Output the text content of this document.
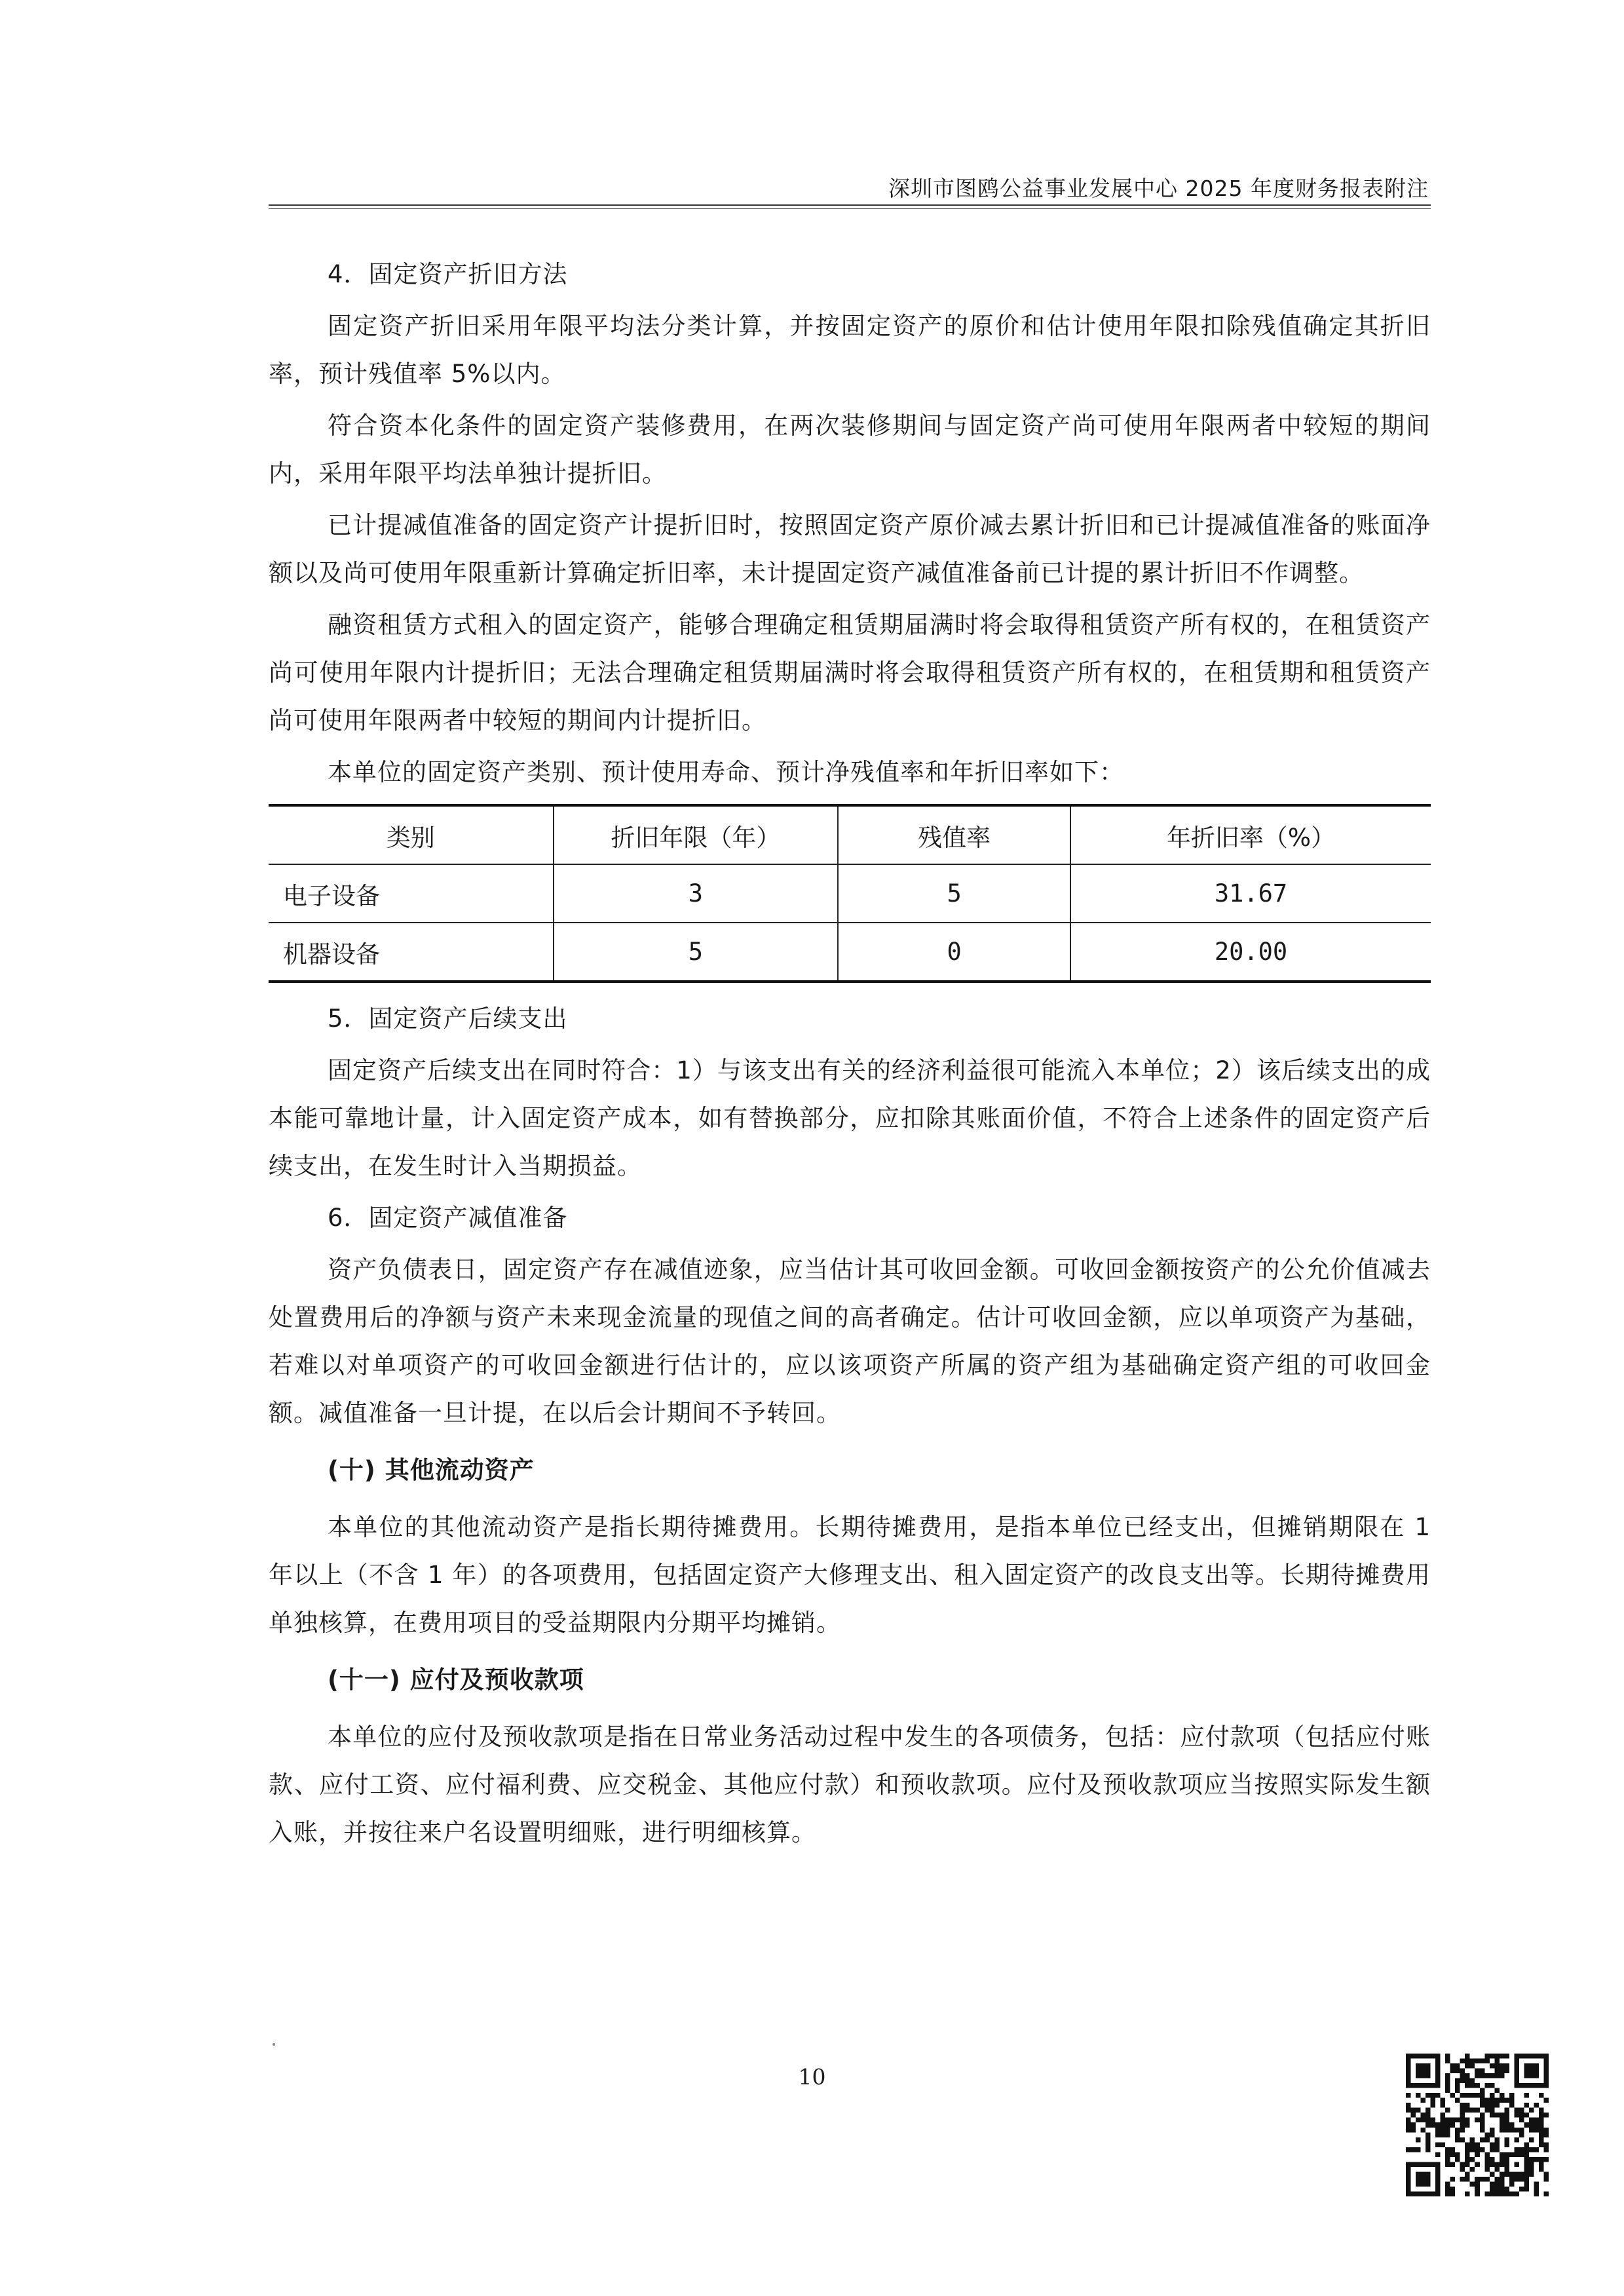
深圳市图鸥公益事业发展中心 2025 年度财务报表附注
4．固定资产折旧方法

固定资产折旧采用年限平均法分类计算，并按固定资产的原价和估计使用年限扣除残值确定其折旧率，预计残值率 5%以内。

符合资本化条件的固定资产装修费用，在两次装修期间与固定资产尚可使用年限两者中较短的期间内，采用年限平均法单独计提折旧。

已计提减值准备的固定资产计提折旧时，按照固定资产原价减去累计折旧和已计提减值准备的账面净额以及尚可使用年限重新计算确定折旧率，未计提固定资产减值准备前已计提的累计折旧不作调整。

融资租赁方式租入的固定资产，能够合理确定租赁期届满时将会取得租赁资产所有权的，在租赁资产尚可使用年限内计提折旧；无法合理确定租赁期届满时将会取得租赁资产所有权的，在租赁期和租赁资产尚可使用年限两者中较短的期间内计提折旧。

本单位的固定资产类别、预计使用寿命、预计净残值率和年折旧率如下：

类别	折旧年限（年）	残值率	年折旧率（%）
电子设备	3	5	31.67
机器设备	5	0	20.00
5．固定资产后续支出

固定资产后续支出在同时符合：1）与该支出有关的经济利益很可能流入本单位；2）该后续支出的成本能可靠地计量，计入固定资产成本，如有替换部分，应扣除其账面价值，不符合上述条件的固定资产后续支出，在发生时计入当期损益。

6．固定资产减值准备

资产负债表日，固定资产存在减值迹象，应当估计其可收回金额。可收回金额按资产的公允价值减去处置费用后的净额与资产未来现金流量的现值之间的高者确定。估计可收回金额，应以单项资产为基础，若难以对单项资产的可收回金额进行估计的，应以该项资产所属的资产组为基础确定资产组的可收回金额。减值准备一旦计提，在以后会计期间不予转回。

(十) 其他流动资产

本单位的其他流动资产是指长期待摊费用。长期待摊费用，是指本单位已经支出，但摊销期限在 1 年以上（不含 1 年）的各项费用，包括固定资产大修理支出、租入固定资产的改良支出等。长期待摊费用单独核算，在费用项目的受益期限内分期平均摊销。

(十一) 应付及预收款项

本单位的应付及预收款项是指在日常业务活动过程中发生的各项债务，包括：应付款项（包括应付账款、应付工资、应付福利费、应交税金、其他应付款）和预收款项。应付及预收款项应当按照实际发生额入账，并按往来户名设置明细账，进行明细核算。

10
